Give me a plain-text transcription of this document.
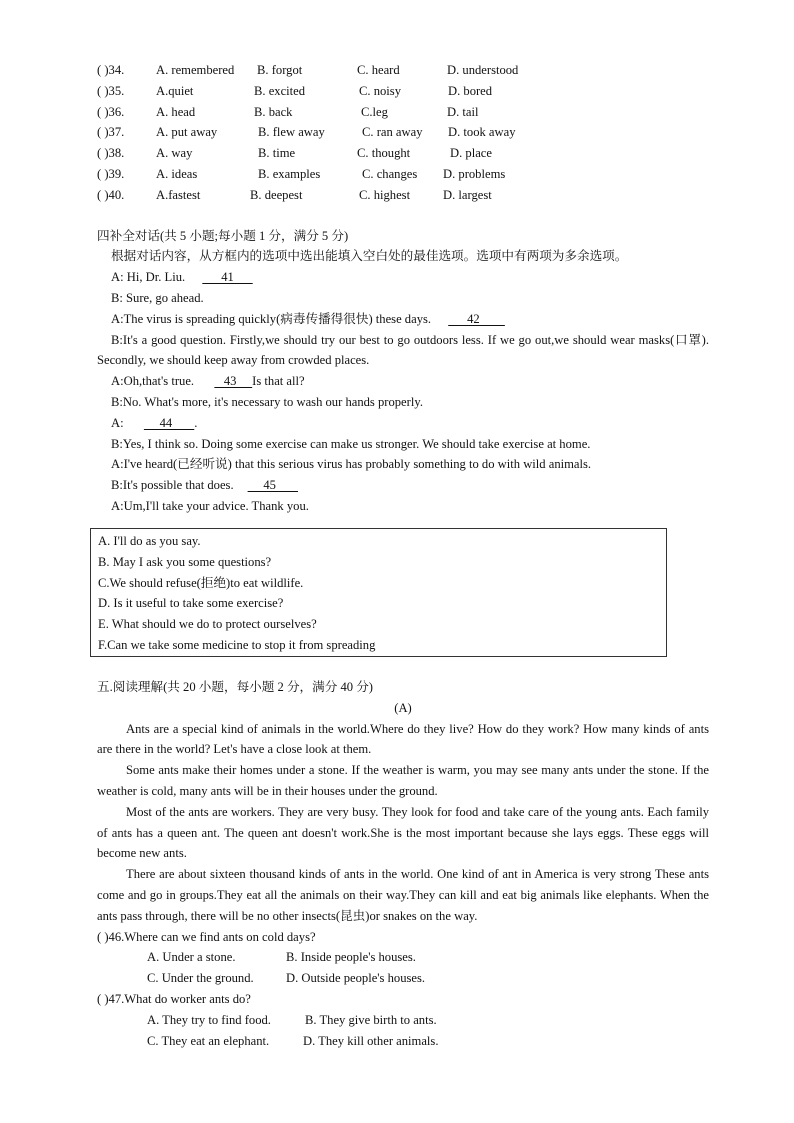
( )34.	A. remembered B. forgot	C. heard	D. understood
( )35.	A.quiet	B. excited	C. noisy	D. bored
( )36.	A. head	B. back	C.leg	D. tail
( )37.	A. put away	B. flew away	C. ran away D. took away
( )38.	A. way	B. time	C. thought	D. place
( )39.	A. ideas	B. examples	C. changes D. problems
( )40.	A.fastest	B. deepest	C. highest	D. largest
四补全对话(共 5 小题;每小题 1 分，满分 5 分)
根据对话内容，从方框内的选项中选出能填入空白处的最佳选项。选项中有两项为多余选项。
A: Hi, Dr. Liu.       41
B: Sure, go ahead.
A:The virus is spreading quickly(病毒传播得很快) these days.       42
B:It's a good question. Firstly,we should try our best to go outdoors less. If we go out,we should wear masks(口罩). Secondly, we should keep away from crowded places.
A:Oh,that's true.     43     Is that all?
B:No. What's more, it's necessary to wash our hands properly.
A:       44       .
B:Yes, I think so. Doing some exercise can make us stronger. We should take exercise at home.
A:I've heard(已经听说) that this serious virus has probably something to do with wild animals.
B:It's possible that does.     45
A:Um,I'll take your advice. Thank you.
A. I'll do as you say.
B. May I ask you some questions?
C.We should refuse(拒绝)to eat wildlife.
D. Is it useful to take some exercise?
E. What should we do to protect ourselves?
F.Can we take some medicine to stop it from spreading
五.阅读理解(共 20 小题，每小题 2 分，满分 40 分)
(A)

Ants are a special kind of animals in the world.Where do they live? How do they work? How many kinds of ants are there in the world? Let's have a close look at them.

Some ants make their homes under a stone. If the weather is warm, you may see many ants under the stone. If the weather is cold, many ants will be in their houses under the ground.

Most of the ants are workers. They are very busy. They look for food and take care of the young ants. Each family of ants has a queen ant. The queen ant doesn't work.She is the most important because she lays eggs. These eggs will become new ants.

There are about sixteen thousand kinds of ants in the world. One kind of ant in America is very strong These ants come and go in groups.They eat all the animals on their way.They can kill and eat big animals like elephants. When the ants pass through, there will be no other insects(昆虫)or snakes on the way.

( )46.Where can we find ants on cold days?
A. Under a stone.	B. Inside people's houses.
C. Under the ground.	D. Outside people's houses.
( )47.What do worker ants do?
A. They try to find food.	B. They give birth to ants.
C. They eat an elephant.	D. They kill other animals.
